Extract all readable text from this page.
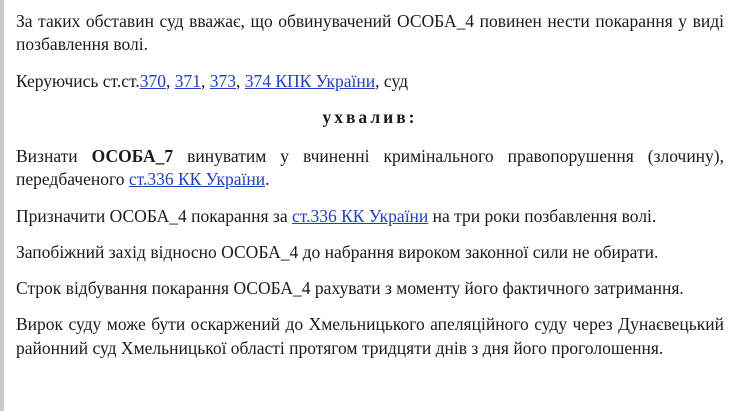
За таких обставин суд вважає, що обвинувачений ОСОБА_4 повинен нести покарання у виді позбавлення волі.

Керуючись ст.ст.370, 371, 373, 374 КПК України, суд

ухвалив:

Визнати ОСОБА_7 винуватим у вчиненні кримінального правопорушення (злочину), передбаченого ст.336 КК України.

Призначити ОСОБА_4 покарання за ст.336 КК України на три роки позбавлення волі.

Запобіжний захід відносно ОСОБА_4 до набрання вироком законної сили не обирати.

Строк відбування покарання ОСОБА_4 рахувати з моменту його фактичного затримання.

Вирок суду може бути оскаржений до Хмельницького апеляційного суду через Дунаєвецький районний суд Хмельницької області протягом тридцяти днів з дня його проголошення.
